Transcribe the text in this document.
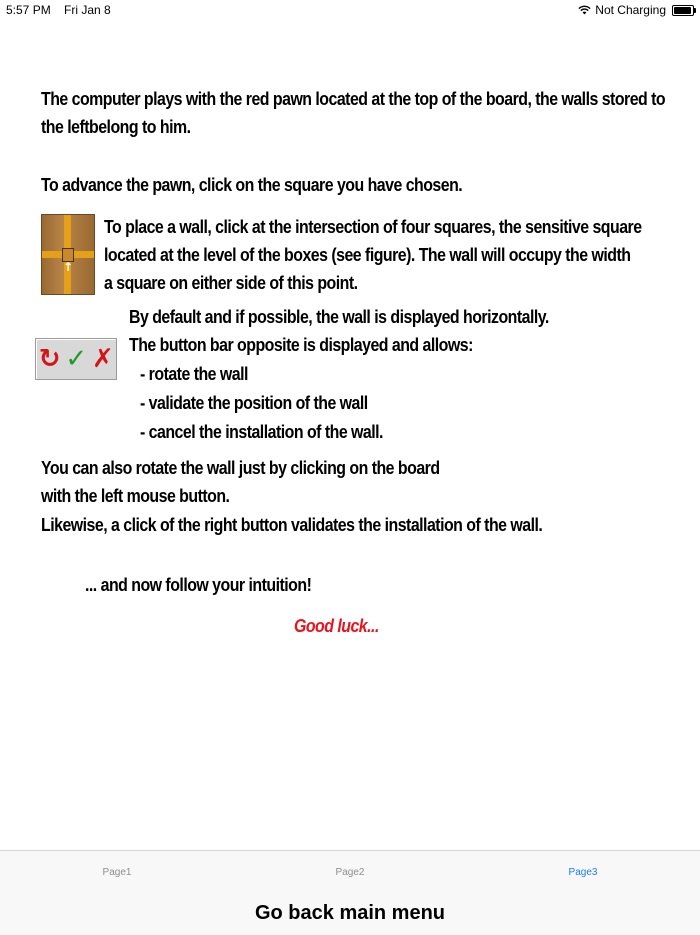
5:57 PM Fri Jan 8	Not Charging
The computer plays with the red pawn located at the top of the board, the walls stored to
the leftbelong to him.
To advance the pawn, click on the square you have chosen.
↑
To place a wall, click at the intersection of four squares, the sensitive square
located at the level of the boxes (see figure). The wall will occupy the width
a square on either side of this point.
By default and if possible, the wall is displayed horizontally.
↻ ✓ ✗ The button bar opposite is displayed and allows:
- rotate the wall
- validate the position of the wall
- cancel the installation of the wall.
You can also rotate the wall just by clicking on the board
with the left mouse button.
Likewise, a click of the right button validates the installation of the wall.
... and now follow your intuition!
Good luck...
Page1	Page2	Page3
Go back main menu
